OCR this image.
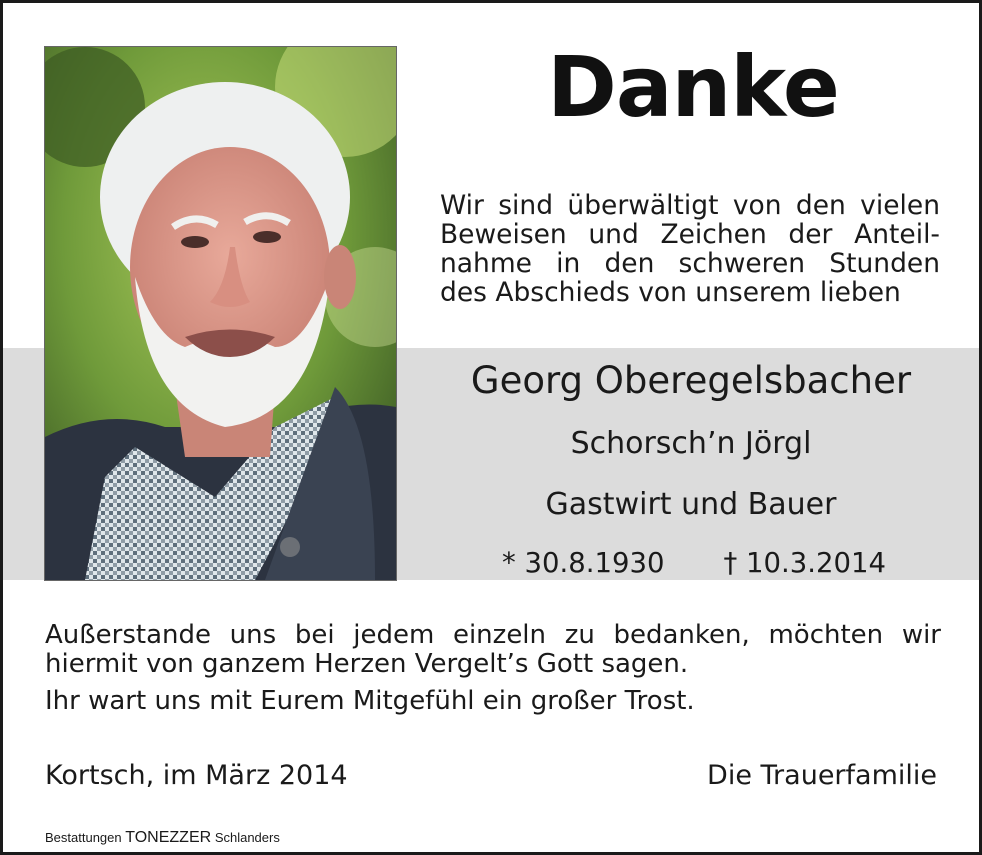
Danke
Wir sind überwältigt von den vielen
Beweisen und Zeichen der Anteil-
nahme in den schweren Stunden
des Abschieds von unserem lieben
Georg Oberegelsbacher
Schorsch’n Jörgl
Gastwirt und Bauer
* 30.8.1930 † 10.3.2014
Außerstande uns bei jedem einzeln zu bedanken, möchten wir
hiermit von ganzem Herzen Vergelt’s Gott sagen.
Ihr wart uns mit Eurem Mitgefühl ein großer Trost.
Kortsch, im März 2014	Die Trauerfamilie
Bestattungen TONEZZER Schlanders
